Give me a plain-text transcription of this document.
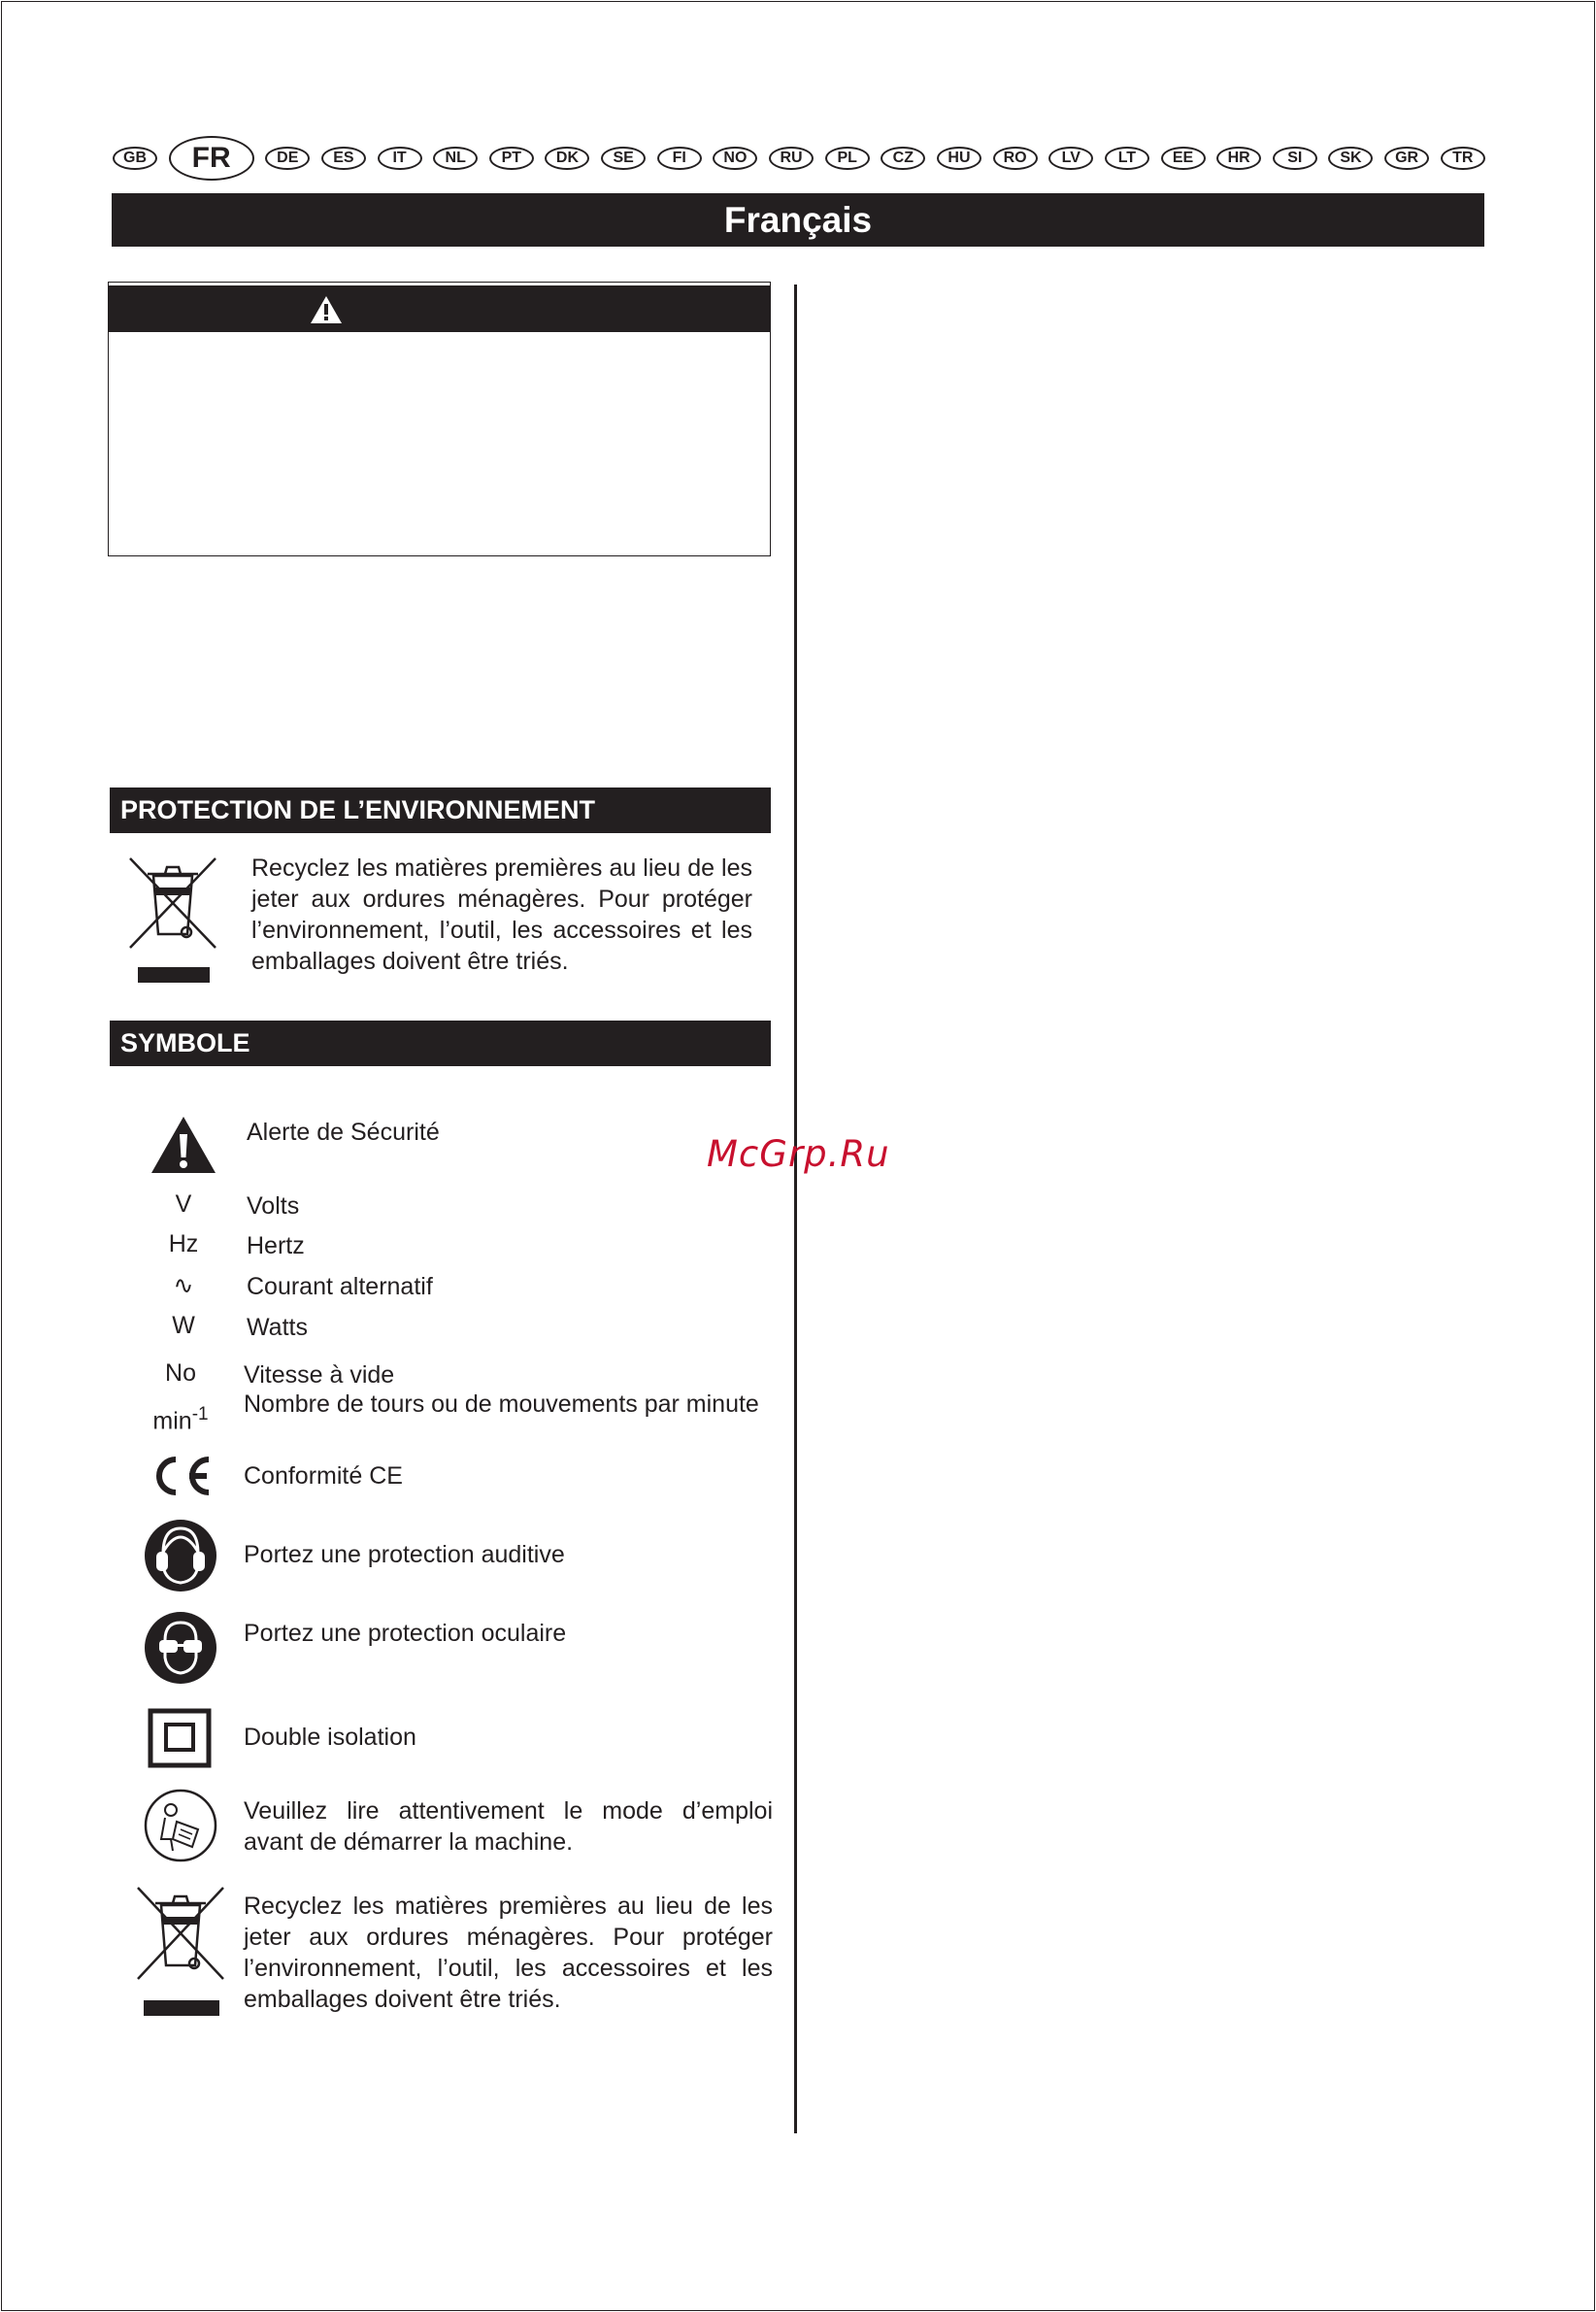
GB	FR	DE	ES	IT	NL	PT	DK	SE	FI	NO	RU	PL	CZ	HU	RO	LV	LT	EE	HR	SI	SK	GR	TR
Français
PROTECTION DE L’ENVIRONNEMENT
Recyclez les matières premières au lieu de les jeter aux ordures ménagères. Pour protéger l’environnement, l’outil, les accessoires et les emballages doivent être triés.
SYMBOLE
Alerte de Sécurité
V	Volts
Hz	Hertz
∿	Courant alternatif
W	Watts
No	Vitesse à vide
$\min^{-1}$	Nombre de tours ou de mouvements par minute
Conformité CE
Portez une protection auditive
Portez une protection oculaire
Double isolation
Veuillez lire attentivement le mode d’emploi avant de démarrer la machine.
Recyclez les matières premières au lieu de les jeter aux ordures ménagères. Pour protéger l’environnement, l’outil, les accessoires et les emballages doivent être triés.
McGrp.Ru
